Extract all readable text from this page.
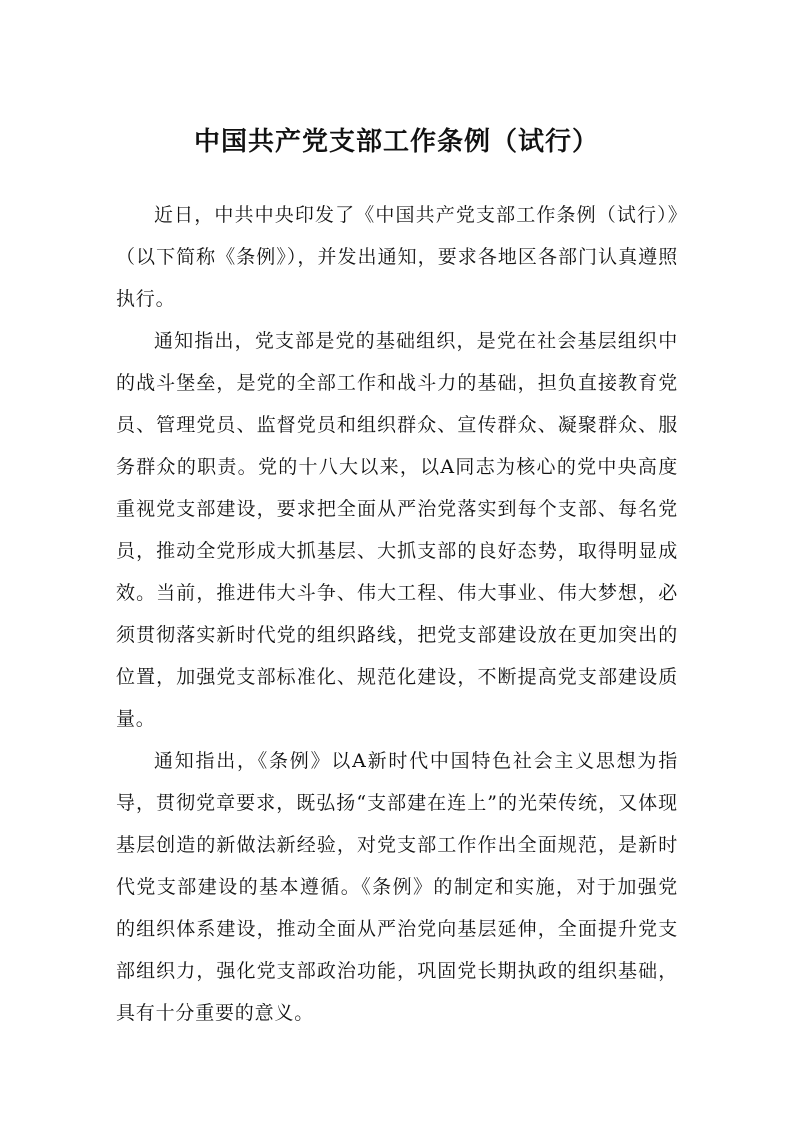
中国共产党支部工作条例（试行）

近日，中共中央印发了《中国共产党支部工作条例（试行）》（以下简称《条例》），并发出通知，要求各地区各部门认真遵照执行。

通知指出，党支部是党的基础组织，是党在社会基层组织中的战斗堡垒，是党的全部工作和战斗力的基础，担负直接教育党员、管理党员、监督党员和组织群众、宣传群众、凝聚群众、服务群众的职责。党的十八大以来，以A同志为核心的党中央高度重视党支部建设，要求把全面从严治党落实到每个支部、每名党员，推动全党形成大抓基层、大抓支部的良好态势，取得明显成效。当前，推进伟大斗争、伟大工程、伟大事业、伟大梦想，必须贯彻落实新时代党的组织路线，把党支部建设放在更加突出的位置，加强党支部标准化、规范化建设，不断提高党支部建设质量。

通知指出，《条例》以A新时代中国特色社会主义思想为指导，贯彻党章要求，既弘扬“支部建在连上”的光荣传统，又体现基层创造的新做法新经验，对党支部工作作出全面规范，是新时代党支部建设的基本遵循。《条例》的制定和实施，对于加强党的组织体系建设，推动全面从严治党向基层延伸，全面提升党支部组织力，强化党支部政治功能，巩固党长期执政的组织基础，具有十分重要的意义。
